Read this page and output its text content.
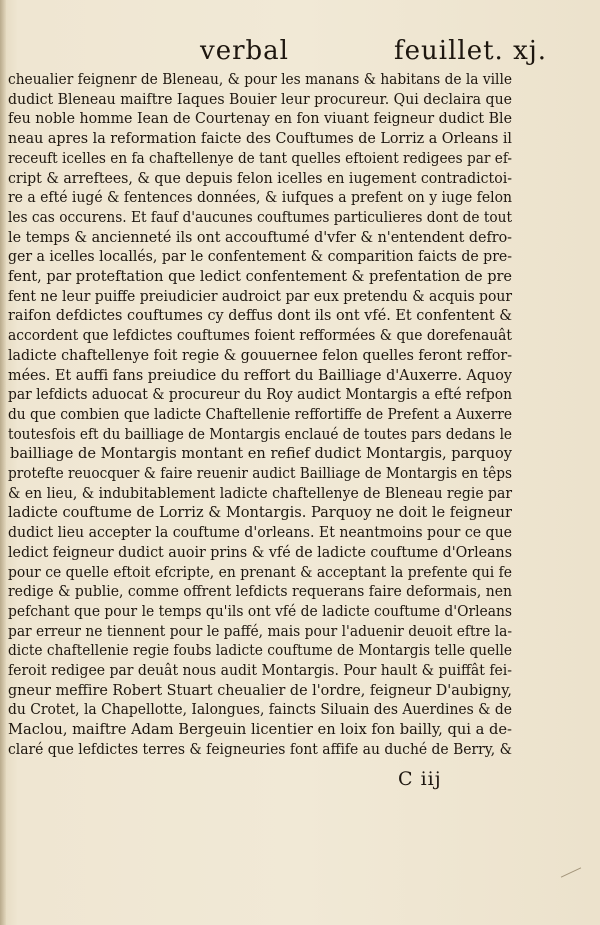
verbal	feuillet. xj.
cheualier feignenr de Bleneau, & pour les manans & habitans de la ville
dudict Bleneau maiftre Iaques Bouier leur procureur. Qui declaira que
feu noble homme Iean de Courtenay en fon viuant feigneur dudict Ble
neau apres la reformation faicte des Couftumes de Lorriz a Orleans il
receuft icelles en fa chaftellenye de tant quelles eftoient redigees par ef-
cript & arreftees, & que depuis felon icelles en iugement contradictoi-
re a efté iugé & fentences données, & iufques a prefent on y iuge felon
les cas occurens. Et fauf d'aucunes couftumes particulieres dont de tout
le temps & ancienneté ils ont accouftumé d'vfer & n'entendent defro-
ger a icelles locallés, par le confentement & comparition faicts de pre-
fent, par proteftation que ledict confentement & prefentation de pre
fent ne leur puiffe preiudicier audroict par eux pretendu & acquis pour
raifon defdictes couftumes cy deffus dont ils ont vfé. Et confentent &
accordent que lefdictes couftumes foient refformées & que dorefenauât
ladicte chaftellenye foit regie & gouuernee felon quelles feront reffor-
mées. Et auffi fans preiudice du reffort du Bailliage d'Auxerre. Aquoy
par lefdicts aduocat & procureur du Roy audict Montargis a efté refpon
du que combien que ladicte Chaftellenie reffortiffe de Prefent a Auxerre
toutesfois eft du bailliage de Montargis enclaué de toutes pars dedans le
bailliage de Montargis montant en refief dudict Montargis, parquoy
protefte reuocquer & faire reuenir audict Bailliage de Montargis en têps
& en lieu, & indubitablement ladicte chaftellenye de Bleneau regie par
ladicte couftume de Lorriz & Montargis. Parquoy ne doit le feigneur
dudict lieu accepter la couftume d'orleans. Et neantmoins pour ce que
ledict feigneur dudict auoir prins & vfé de ladicte couftume d'Orleans
pour ce quelle eftoit efcripte, en prenant & acceptant la prefente qui fe
redige & publie, comme offrent lefdicts requerans faire deformais, nen
pefchant que pour le temps qu'ils ont vfé de ladicte couftume d'Orleans
par erreur ne tiennent pour le paffé, mais pour l'aduenir deuoit eftre la-
dicte chaftellenie regie foubs ladicte couftume de Montargis telle quelle
feroit redigee par deuât nous audit Montargis. Pour hault & puiffât fei-
gneur meffire Robert Stuart cheualier de l'ordre, feigneur D'aubigny,
du Crotet, la Chapellotte, Ialongues, faincts Siluain des Auerdines & de
Maclou, maiftre Adam Bergeuin licentier en loix fon bailly, qui a de-
claré que lefdictes terres & feigneuries font affife au duché de Berry, &
C iij
